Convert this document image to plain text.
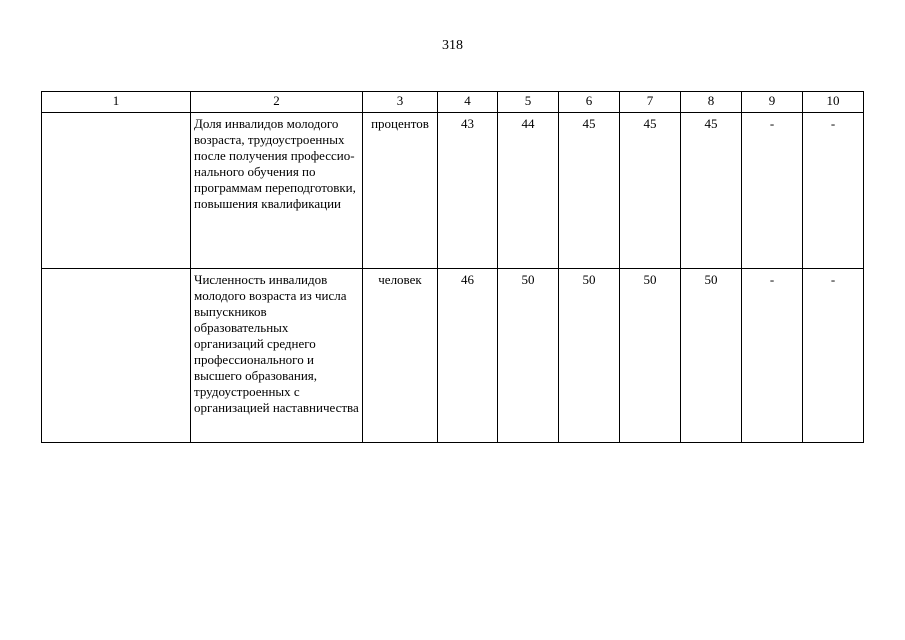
318
1	2	3	4	5	6	7	8	9	10
	Доля инвалидов молодого возраста, трудоустроенных после получения профессио-нального обучения по программам переподготовки, повышения квалификации	процентов	43	44	45	45	45	-	-
	Численность инвалидов молодого возраста из числа выпускников образовательных организаций среднего профессионального и высшего образования, трудоустроенных с организацией наставничества	человек	46	50	50	50	50	-	-
